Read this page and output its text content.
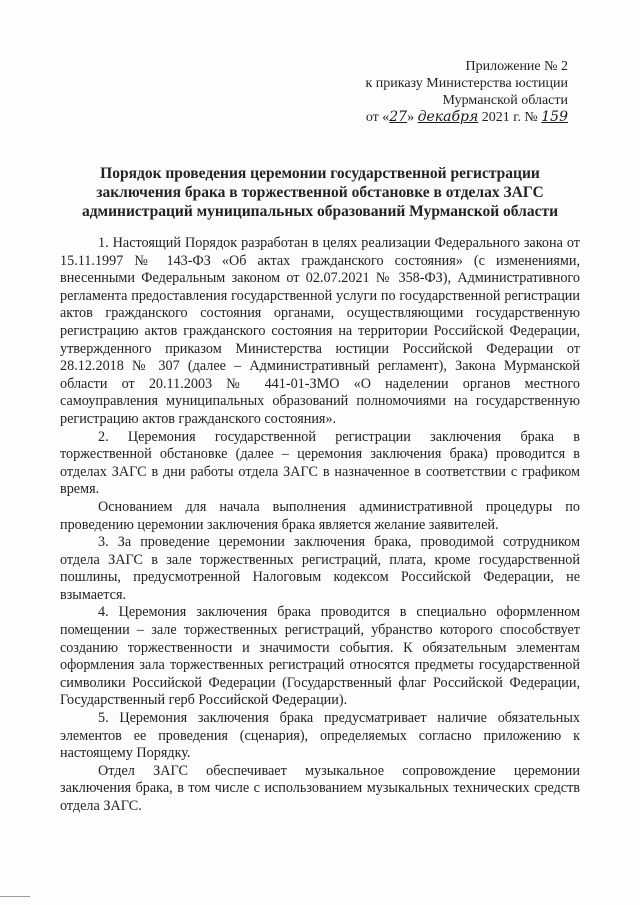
Приложение № 2
к приказу Министерства юстиции
Мурманской области
от «27» декабря 2021 г. № 159
Порядок проведения церемонии государственной регистрации
заключения брака в торжественной обстановке в отделах ЗАГС
администраций муниципальных образований Мурманской области

1. Настоящий Порядок разработан в целях реализации Федерального закона от 15.11.1997 № 143-ФЗ «Об актах гражданского состояния» (с изменениями, внесенными Федеральным законом от 02.07.2021 № 358-ФЗ), Административного регламента предоставления государственной услуги по государственной регистрации актов гражданского состояния органами, осуществляющими государственную регистрацию актов гражданского состояния на территории Российской Федерации, утвержденного приказом Министерства юстиции Российской Федерации от 28.12.2018 № 307 (далее – Административный регламент), Закона Мурманской области от 20.11.2003 № 441-01-ЗМО «О наделении органов местного самоуправления муниципальных образований полномочиями на государственную регистрацию актов гражданского состояния».

2. Церемония государственной регистрации заключения брака в торжественной обстановке (далее – церемония заключения брака) проводится в отделах ЗАГС в дни работы отдела ЗАГС в назначенное в соответствии с графиком время.

Основанием для начала выполнения административной процедуры по проведению церемонии заключения брака является желание заявителей.

3. За проведение церемонии заключения брака, проводимой сотрудником отдела ЗАГС в зале торжественных регистраций, плата, кроме государственной пошлины, предусмотренной Налоговым кодексом Российской Федерации, не взымается.

4. Церемония заключения брака проводится в специально оформленном помещении – зале торжественных регистраций, убранство которого способствует созданию торжественности и значимости события. К обязательным элементам оформления зала торжественных регистраций относятся предметы государственной символики Российской Федерации (Государственный флаг Российской Федерации, Государственный герб Российской Федерации).

5. Церемония заключения брака предусматривает наличие обязательных элементов ее проведения (сценария), определяемых согласно приложению к настоящему Порядку.

Отдел ЗАГС обеспечивает музыкальное сопровождение церемонии заключения брака, в том числе с использованием музыкальных технических средств отдела ЗАГС.
